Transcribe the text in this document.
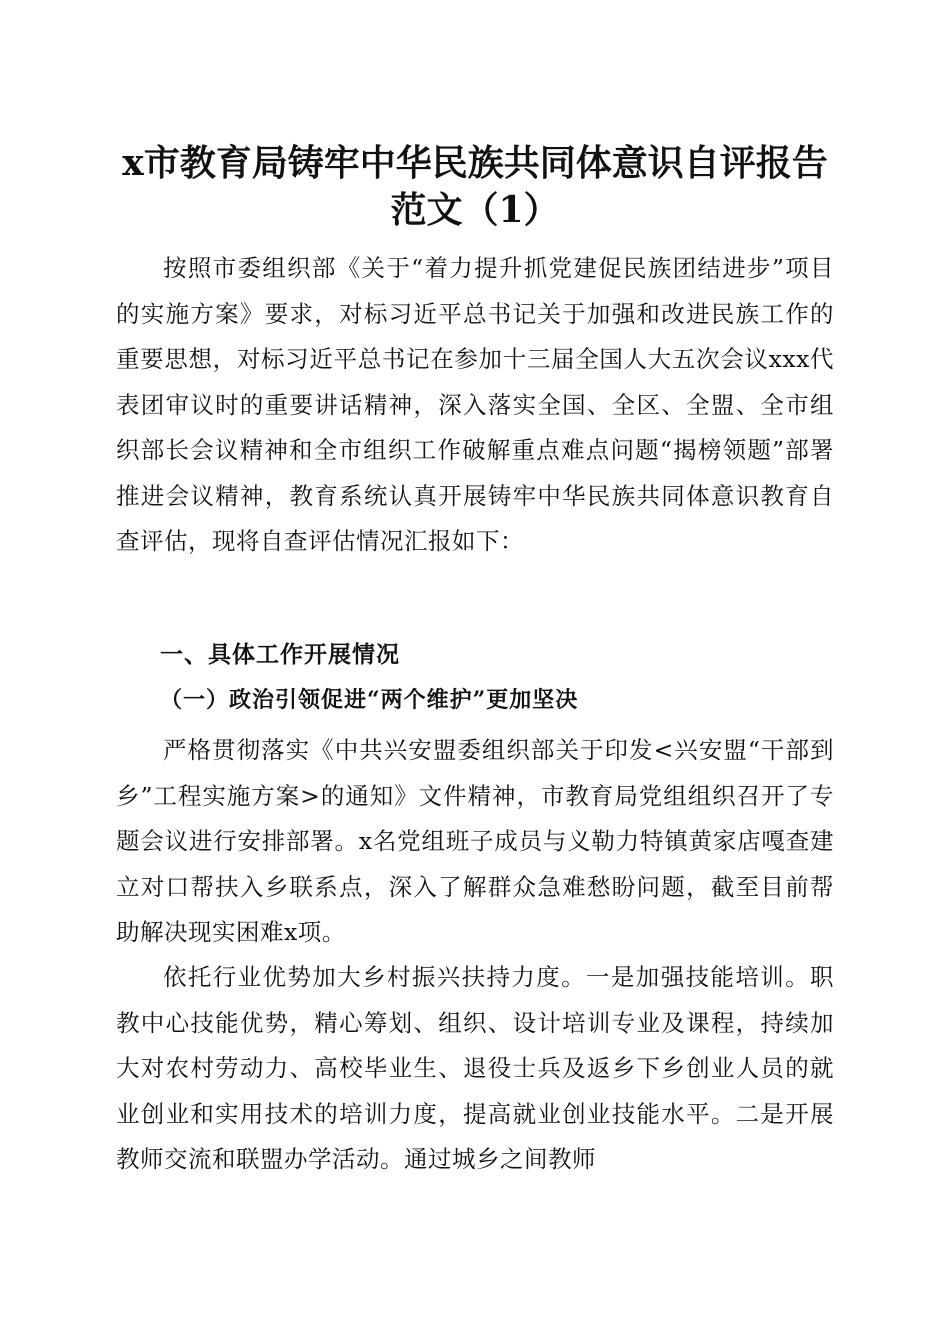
x市教育局铸牢中华民族共同体意识自评报告
范文（1）

按照市委组织部《关于“着力提升抓党建促民族团结进步”项目的实施方案》要求，对标习近平总书记关于加强和改进民族工作的重要思想，对标习近平总书记在参加十三届全国人大五次会议xxx代表团审议时的重要讲话精神，深入落实全国、全区、全盟、全市组织部长会议精神和全市组织工作破解重点难点问题“揭榜领题”部署推进会议精神，教育系统认真开展铸牢中华民族共同体意识教育自查评估，现将自查评估情况汇报如下：

一、具体工作开展情况
（一）政治引领促进“两个维护”更加坚决

严格贯彻落实《中共兴安盟委组织部关于印发<兴安盟“干部到乡”工程实施方案>的通知》文件精神，市教育局党组组织召开了专题会议进行安排部署。x名党组班子成员与义勒力特镇黄家店嘎查建立对口帮扶入乡联系点，深入了解群众急难愁盼问题，截至目前帮助解决现实困难x项。

依托行业优势加大乡村振兴扶持力度。一是加强技能培训。职教中心技能优势，精心筹划、组织、设计培训专业及课程，持续加大对农村劳动力、高校毕业生、退役士兵及返乡下乡创业人员的就业创业和实用技术的培训力度，提高就业创业技能水平。二是开展教师交流和联盟办学活动。通过城乡之间教师
